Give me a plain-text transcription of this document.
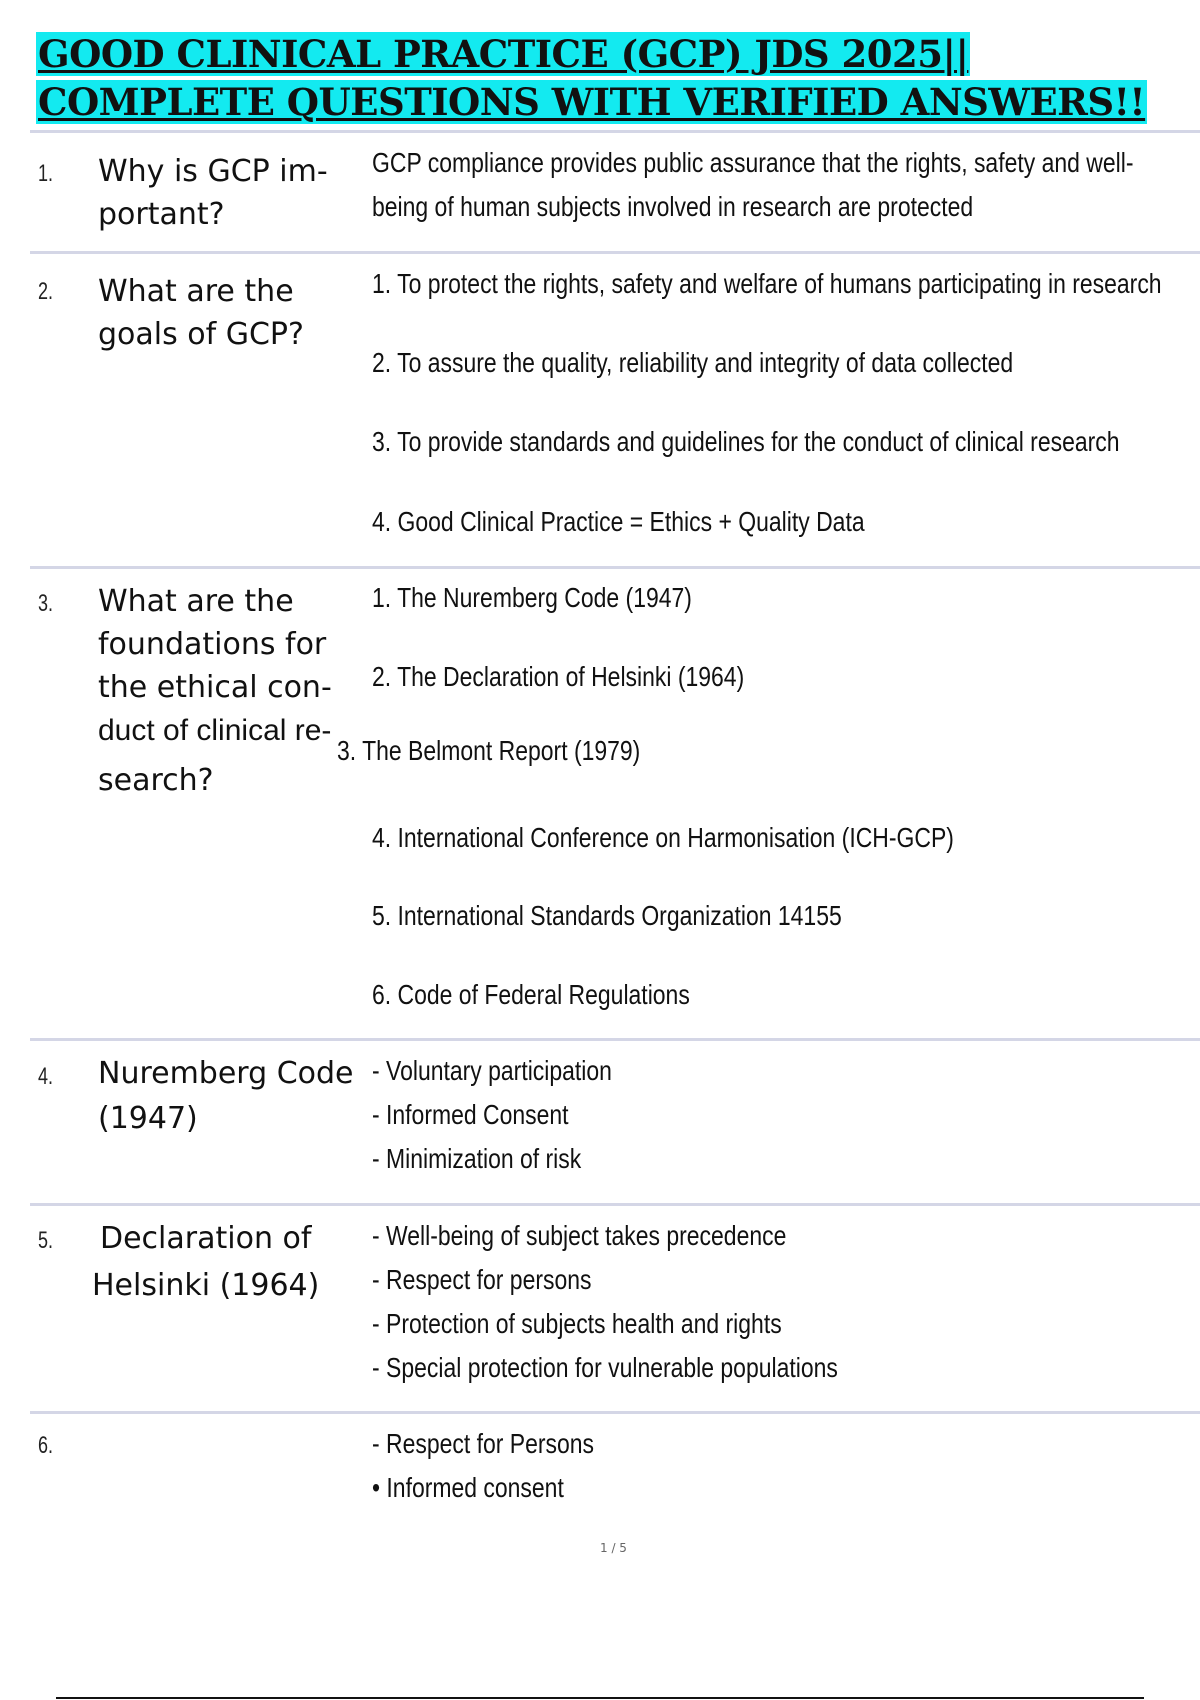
GOOD CLINICAL PRACTICE (GCP) JDS 2025||
COMPLETE QUESTIONS WITH VERIFIED ANSWERS!!
1. Why is GCP im- portant?
GCP compliance provides public assurance that the rights, safety and well-being of human subjects involved in research are protected
2. What are the goals of GCP?
1. To protect the rights, safety and welfare of humans participating in research
2. To assure the quality, reliability and integrity of data collected
3. To provide standards and guidelines for the conduct of clinical research
4. Good Clinical Practice = Ethics + Quality Data
3. What are the
foundations for
the ethical con-
duct of clinical re-
search?
1. The Nuremberg Code (1947)
2. The Declaration of Helsinki (1964)
3. The Belmont Report (1979)
4. International Conference on Harmonisation (ICH-GCP)
5. International Standards Organization 14155
6. Code of Federal Regulations
4. Nuremberg Code
(1947)
- Voluntary participation
- Informed Consent
- Minimization of risk
5. Declaration of
Helsinki (1964)
- Well-being of subject takes precedence
- Respect for persons
- Protection of subjects health and rights
- Special protection for vulnerable populations
6.	- Respect for Persons
• Informed consent
1 / 5
